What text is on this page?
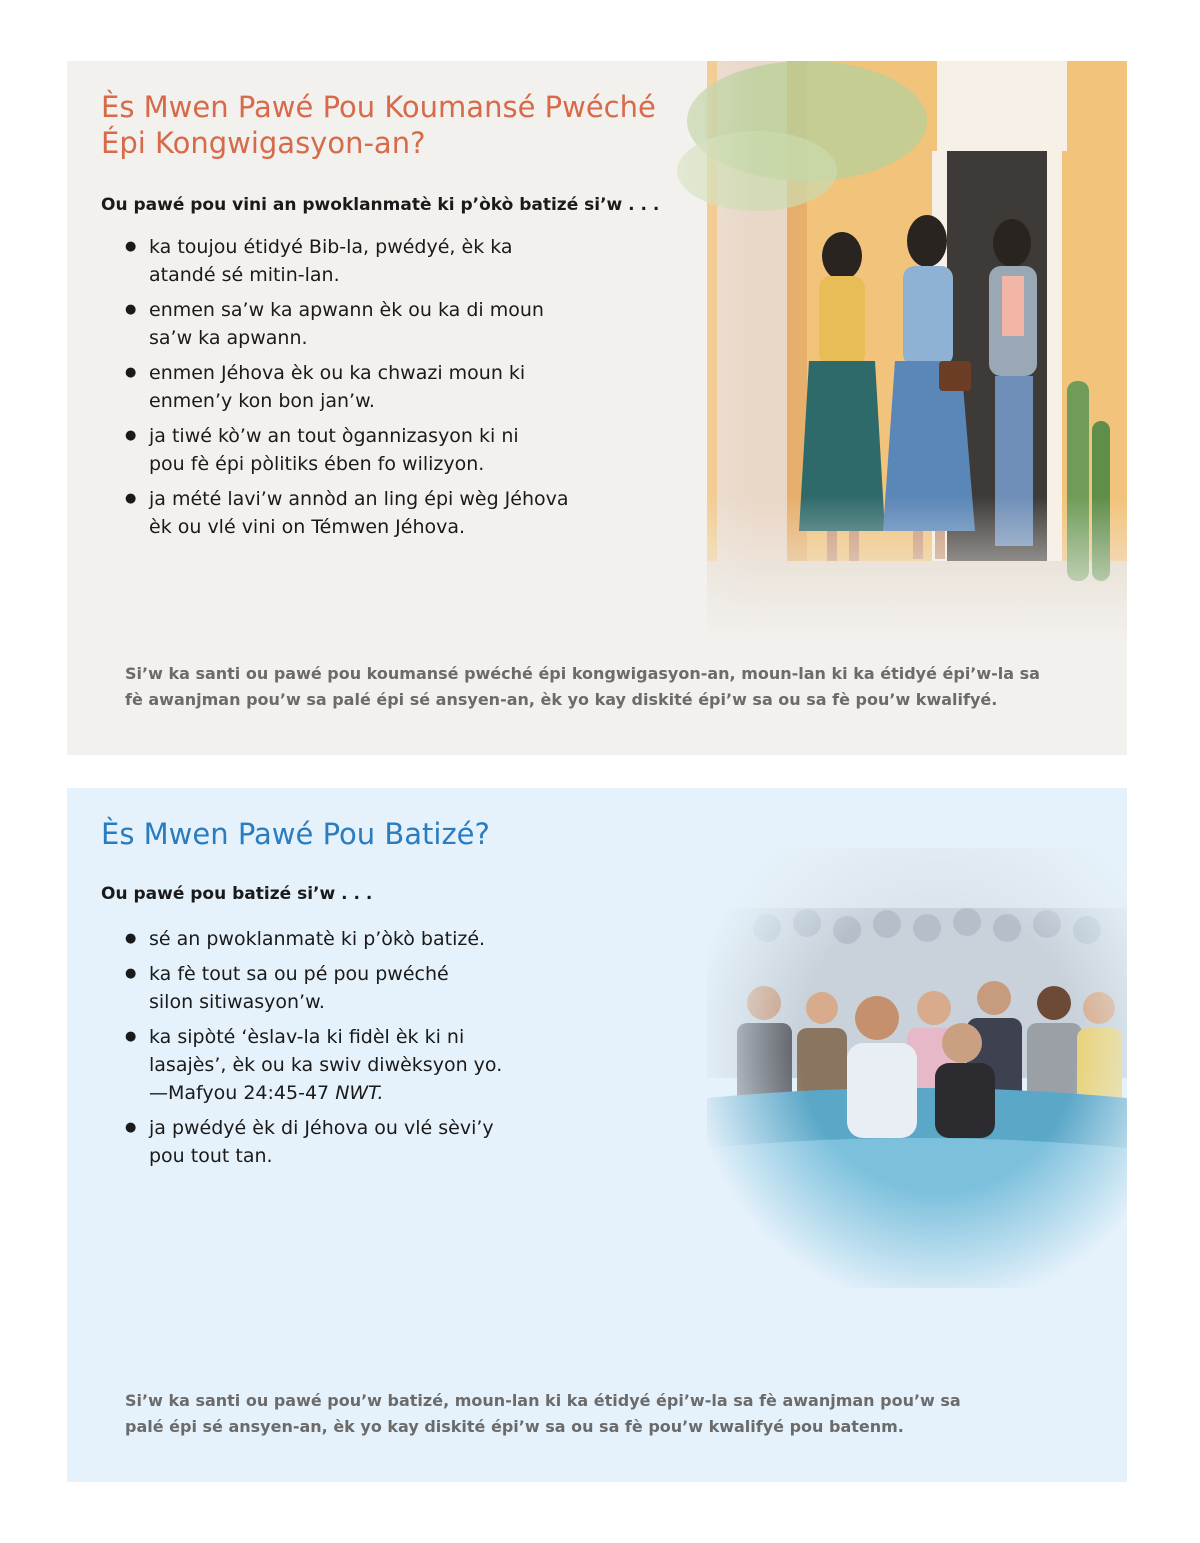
Ès Mwen Pawé Pou Koumansé Pwéché
Épi Kongwigasyon-an?

Ou pawé pou vini an pwoklanmatè ki p’òkò batizé si’w . . .

● ka toujou étidyé Bib-la, pwédyé, èk ka
atandé sé mitin-lan.
● enmen sa’w ka apwann èk ou ka di moun
sa’w ka apwann.
● enmen Jéhova èk ou ka chwazi moun ki
enmen’y kon bon jan’w.
● ja tiwé kò’w an tout ògannizasyon ki ni
pou fè épi pòlitiks ében fo wilizyon.
● ja mété lavi’w annòd an ling épi wèg Jéhova
èk ou vlé vini on Témwen Jéhova.

Si’w ka santi ou pawé pou koumansé pwéché épi kongwigasyon-an, moun-lan ki ka étidyé épi’w-la sa
fè awanjman pou’w sa palé épi sé ansyen-an, èk yo kay diskité épi’w sa ou sa fè pou’w kwalifyé.

Ès Mwen Pawé Pou Batizé?

Ou pawé pou batizé si’w . . .

● sé an pwoklanmatè ki p’òkò batizé.
● ka fè tout sa ou pé pou pwéché
silon sitiwasyon’w.
● ka sipòté ‘èslav-la ki fidèl èk ki ni
lasajès’, èk ou ka swiv diwèksyon yo.
—Mafyou 24:45-47 NWT.
● ja pwédyé èk di Jéhova ou vlé sèvi’y
pou tout tan.

Si’w ka santi ou pawé pou’w batizé, moun-lan ki ka étidyé épi’w-la sa fè awanjman pou’w sa
palé épi sé ansyen-an, èk yo kay diskité épi’w sa ou sa fè pou’w kwalifyé pou batenm.
